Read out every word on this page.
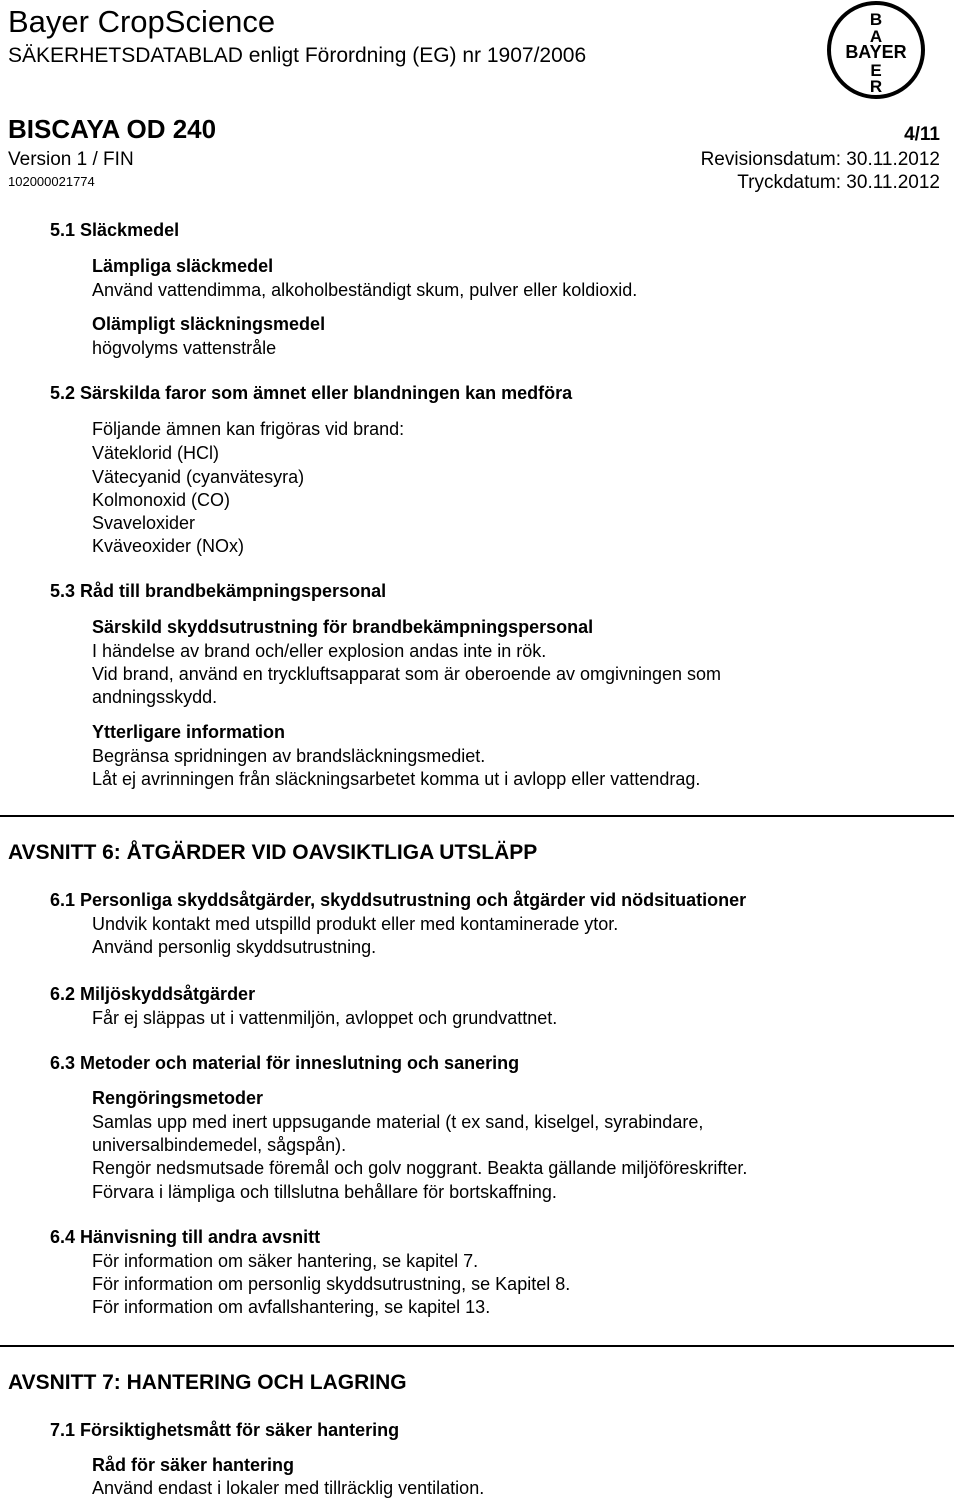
Bayer CropScience
SÄKERHETSDATABLAD enligt Förordning (EG) nr 1907/2006
B
A
BAYER
E
R
BISCAYA OD 240	4/11
Version 1 / FIN	Revisionsdatum: 30.11.2012
102000021774	Tryckdatum: 30.11.2012
5.1 Släckmedel
Lämpliga släckmedel
Använd vattendimma, alkoholbeständigt skum, pulver eller koldioxid.
Olämpligt släckningsmedel
högvolyms vattenstråle
5.2 Särskilda faror som ämnet eller blandningen kan medföra
Följande ämnen kan frigöras vid brand:
Väteklorid (HCl)
Vätecyanid (cyanvätesyra)
Kolmonoxid (CO)
Svaveloxider
Kväveoxider (NOx)
5.3 Råd till brandbekämpningspersonal
Särskild skyddsutrustning för brandbekämpningspersonal
I händelse av brand och/eller explosion andas inte in rök.
Vid brand, använd en tryckluftsapparat som är oberoende av omgivningen som
andningsskydd.
Ytterligare information
Begränsa spridningen av brandsläckningsmediet.
Låt ej avrinningen från släckningsarbetet komma ut i avlopp eller vattendrag.
AVSNITT 6: ÅTGÄRDER VID OAVSIKTLIGA UTSLÄPP
6.1 Personliga skyddsåtgärder, skyddsutrustning och åtgärder vid nödsituationer
Undvik kontakt med utspilld produkt eller med kontaminerade ytor.
Använd personlig skyddsutrustning.
6.2 Miljöskyddsåtgärder
Får ej släppas ut i vattenmiljön, avloppet och grundvattnet.
6.3 Metoder och material för inneslutning och sanering
Rengöringsmetoder
Samlas upp med inert uppsugande material (t ex sand, kiselgel, syrabindare,
universalbindemedel, sågspån).
Rengör nedsmutsade föremål och golv noggrant. Beakta gällande miljöföreskrifter.
Förvara i lämpliga och tillslutna behållare för bortskaffning.
6.4 Hänvisning till andra avsnitt
För information om säker hantering, se kapitel 7.
För information om personlig skyddsutrustning, se Kapitel 8.
För information om avfallshantering, se kapitel 13.
AVSNITT 7: HANTERING OCH LAGRING
7.1 Försiktighetsmått för säker hantering
Råd för säker hantering
Använd endast i lokaler med tillräcklig ventilation.
